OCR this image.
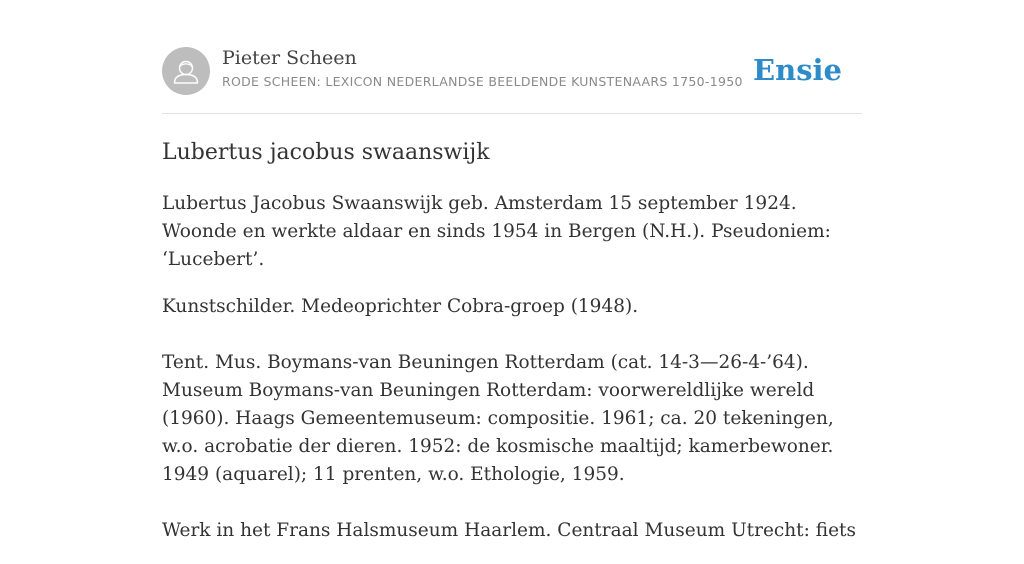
Pieter Scheen
RODE SCHEEN: LEXICON NEDERLANDSE BEELDENDE KUNSTENAARS 1750-1950 Ensie
Lubertus jacobus swaanswijk

Lubertus Jacobus Swaanswijk geb. Amsterdam 15 september 1924. Woonde en werkte aldaar en sinds 1954 in Bergen (N.H.). Pseudoniem: ‘Lucebert’.

Kunstschilder. Medeoprichter Cobra-groep (1948).

Tent. Mus. Boymans-van Beuningen Rotterdam (cat. 14-3—26-4-’64). Museum Boymans-van Beuningen Rotterdam: voorwereldlijke wereld (1960). Haags Gemeentemuseum: compositie. 1961; ca. 20 tekeningen, w.o. acrobatie der dieren. 1952: de kosmische maaltijd; kamerbewoner. 1949 (aquarel); 11 prenten, w.o. Ethologie, 1959.

Werk in het Frans Halsmuseum Haarlem. Centraal Museum Utrecht: fiets
